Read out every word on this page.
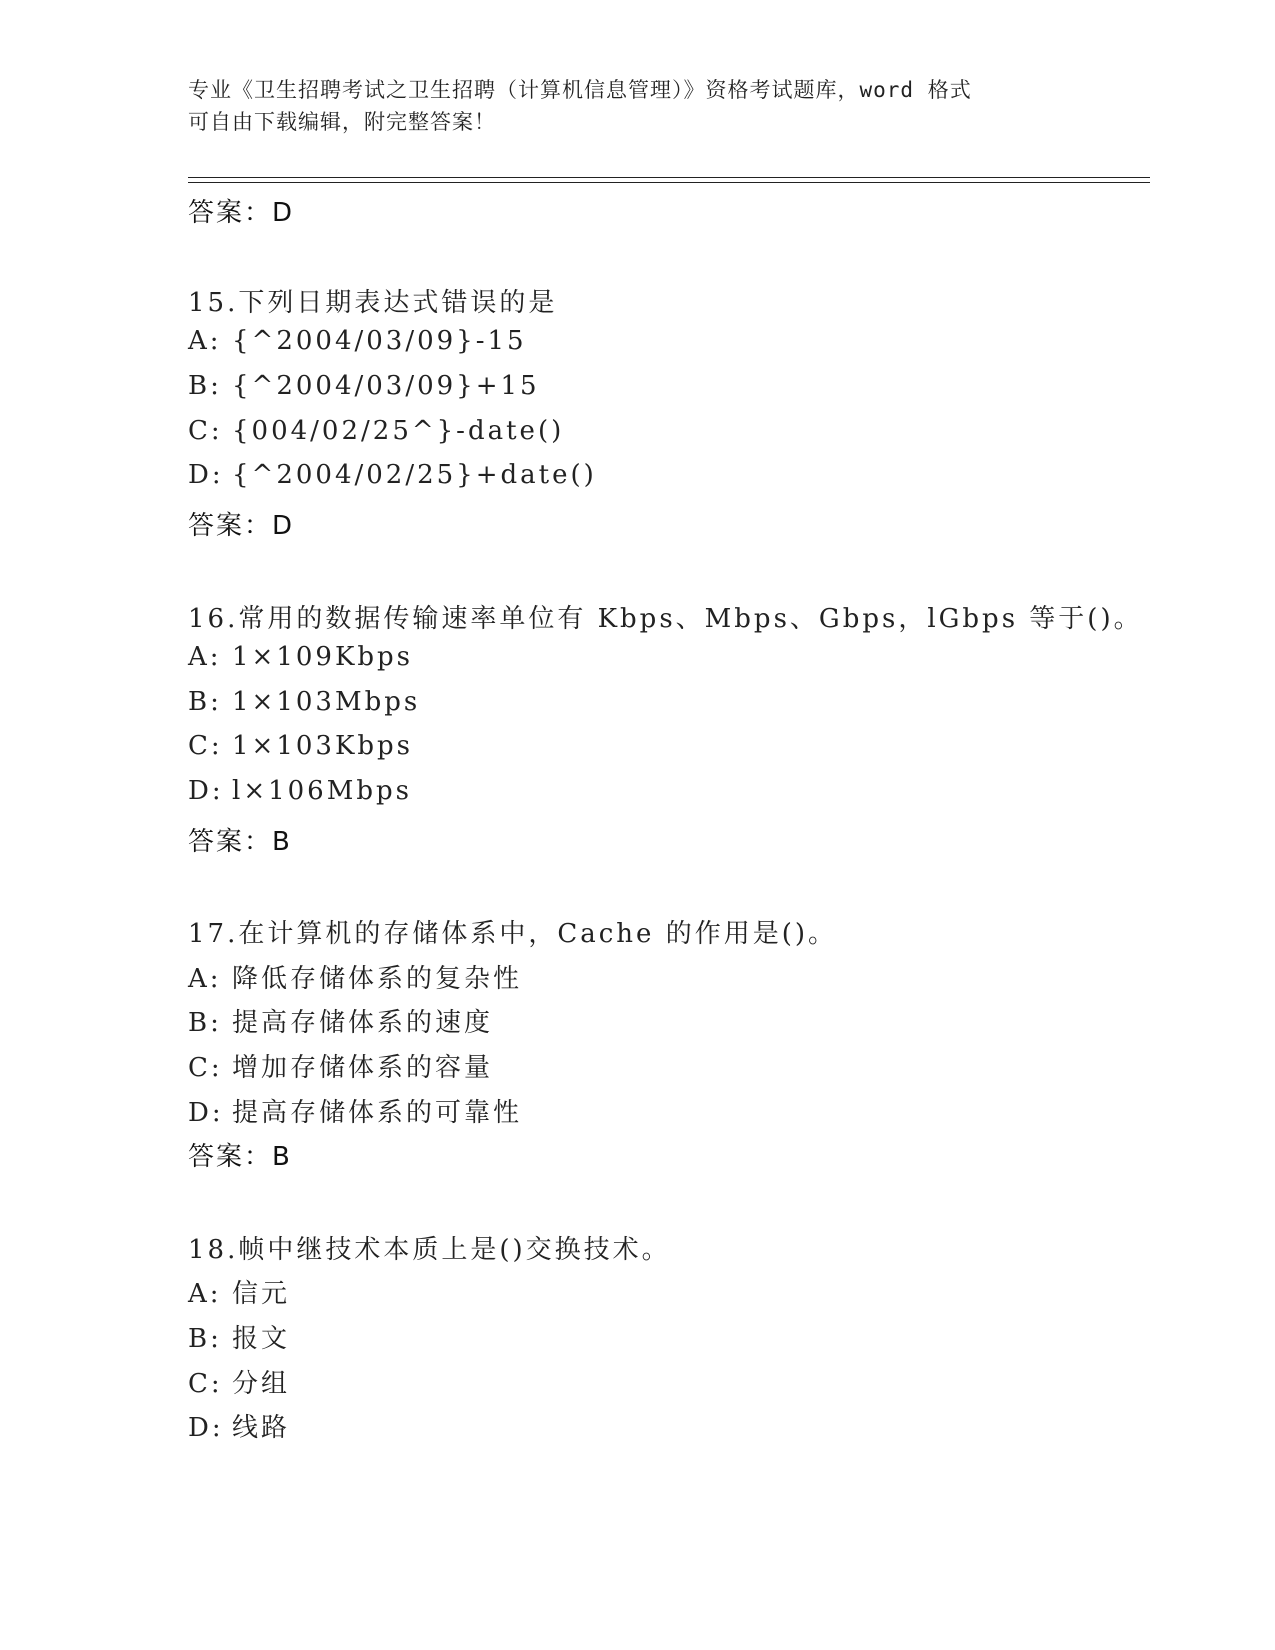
专业《卫生招聘考试之卫生招聘（计算机信息管理）》资格考试题库，word 格式
可自由下载编辑，附完整答案！
答案：D
15.下列日期表达式错误的是
A: {^2004/03/09}-15
B: {^2004/03/09}+15
C: {004/02/25^}-date()
D: {^2004/02/25}+date()
答案：D
16.常用的数据传输速率单位有 Kbps、Mbps、Gbps，lGbps 等于()。
A: 1×109Kbps
B: 1×103Mbps
C: 1×103Kbps
D: l×106Mbps
答案：B
17.在计算机的存储体系中，Cache 的作用是()。
A: 降低存储体系的复杂性
B: 提高存储体系的速度
C: 增加存储体系的容量
D: 提高存储体系的可靠性
答案：B
18.帧中继技术本质上是()交换技术。
A: 信元
B: 报文
C: 分组
D: 线路
